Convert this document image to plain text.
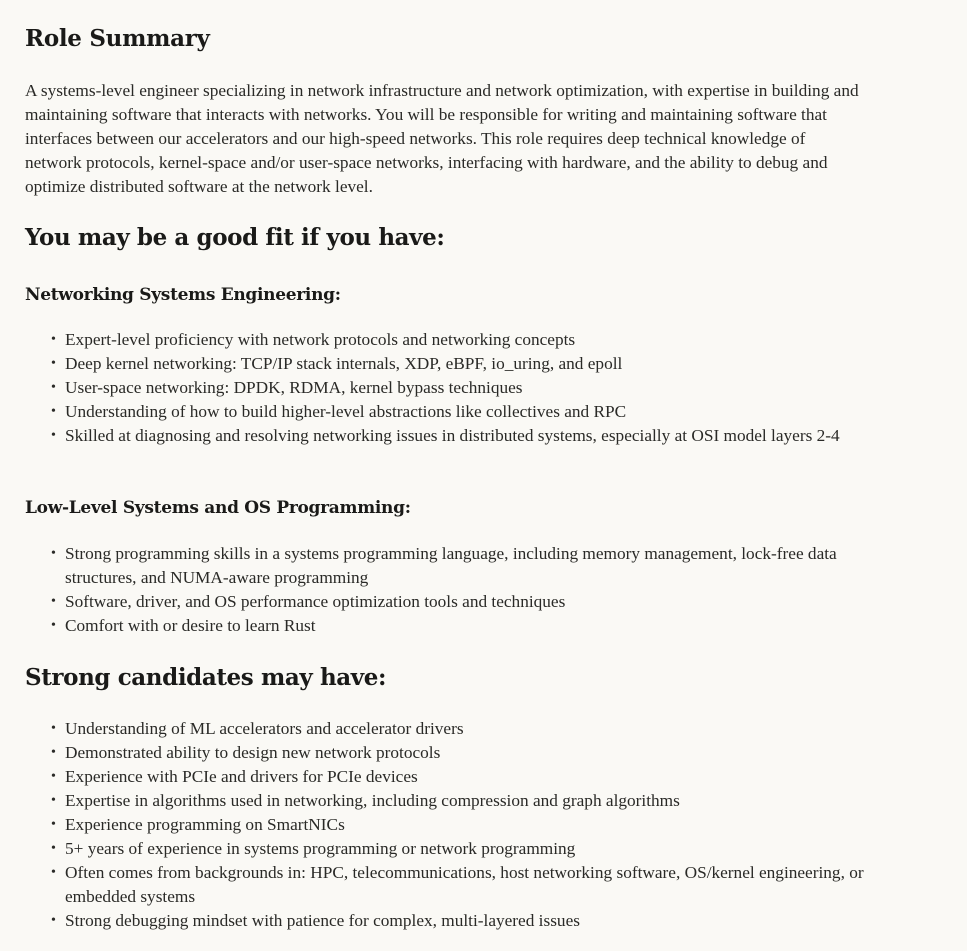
Role Summary

A systems-level engineer specializing in network infrastructure and network optimization, with expertise in building and maintaining software that interacts with networks. You will be responsible for writing and maintaining software that interfaces between our accelerators and our high-speed networks. This role requires deep technical knowledge of network protocols, kernel-space and/or user-space networks, interfacing with hardware, and the ability to debug and optimize distributed software at the network level.

You may be a good fit if you have:
Networking Systems Engineering:
• Expert-level proficiency with network protocols and networking concepts
• Deep kernel networking: TCP/IP stack internals, XDP, eBPF, io_uring, and epoll
• User-space networking: DPDK, RDMA, kernel bypass techniques
• Understanding of how to build higher-level abstractions like collectives and RPC
• Skilled at diagnosing and resolving networking issues in distributed systems, especially at OSI model layers 2-4
Low-Level Systems and OS Programming:
• Strong programming skills in a systems programming language, including memory management, lock-free data structures, and NUMA-aware programming
• Software, driver, and OS performance optimization tools and techniques
• Comfort with or desire to learn Rust
Strong candidates may have:
• Understanding of ML accelerators and accelerator drivers
• Demonstrated ability to design new network protocols
• Experience with PCIe and drivers for PCIe devices
• Expertise in algorithms used in networking, including compression and graph algorithms
• Experience programming on SmartNICs
• 5+ years of experience in systems programming or network programming
• Often comes from backgrounds in: HPC, telecommunications, host networking software, OS/kernel engineering, or embedded systems
• Strong debugging mindset with patience for complex, multi-layered issues
